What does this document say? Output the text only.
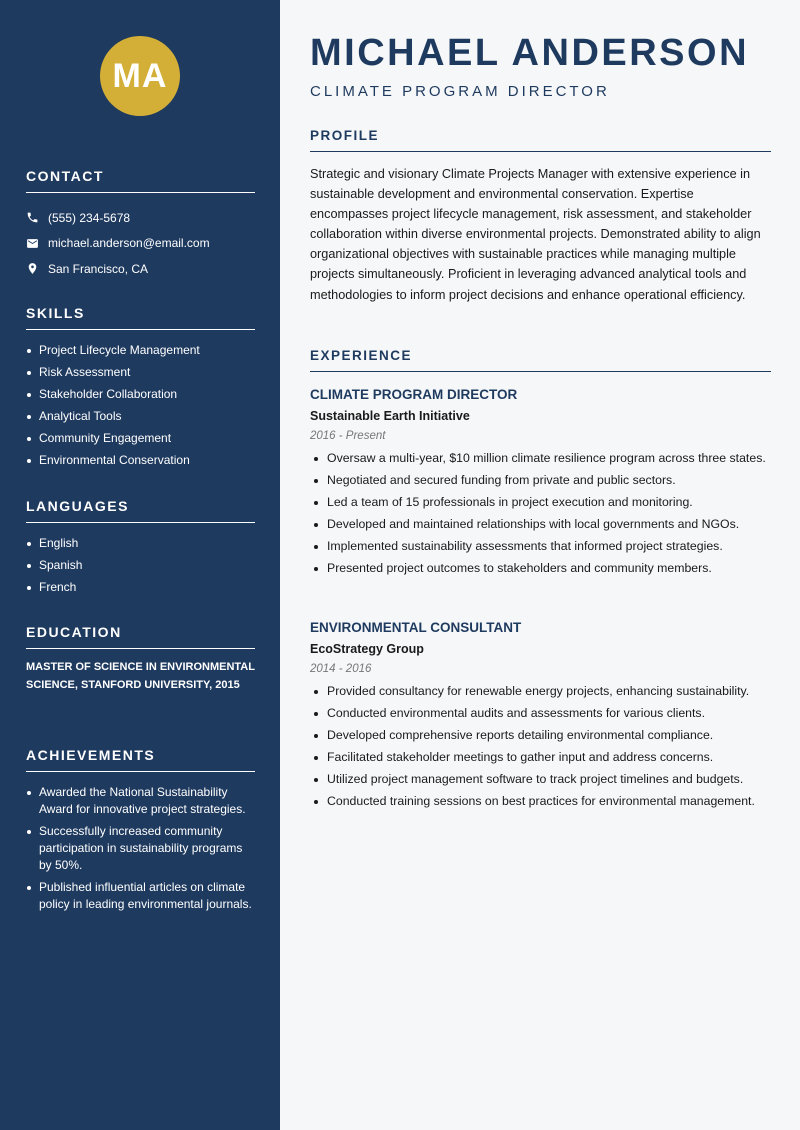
MA
CONTACT
(555) 234-5678
michael.anderson@email.com
San Francisco, CA
SKILLS
Project Lifecycle Management
Risk Assessment
Stakeholder Collaboration
Analytical Tools
Community Engagement
Environmental Conservation
LANGUAGES
English
Spanish
French
EDUCATION

MASTER OF SCIENCE IN ENVIRONMENTAL SCIENCE, STANFORD UNIVERSITY, 2015

ACHIEVEMENTS
Awarded the National Sustainability Award for innovative project strategies.
Successfully increased community participation in sustainability programs by 50%.
Published influential articles on climate policy in leading environmental journals.
MICHAEL ANDERSON
CLIMATE PROGRAM DIRECTOR
PROFILE

Strategic and visionary Climate Projects Manager with extensive experience in sustainable development and environmental conservation. Expertise encompasses project lifecycle management, risk assessment, and stakeholder collaboration within diverse environmental projects. Demonstrated ability to align organizational objectives with sustainable practices while managing multiple projects simultaneously. Proficient in leveraging advanced analytical tools and methodologies to inform project decisions and enhance operational efficiency.

EXPERIENCE
CLIMATE PROGRAM DIRECTOR
Sustainable Earth Initiative
2016 - Present
Oversaw a multi-year, $10 million climate resilience program across three states.
Negotiated and secured funding from private and public sectors.
Led a team of 15 professionals in project execution and monitoring.
Developed and maintained relationships with local governments and NGOs.
Implemented sustainability assessments that informed project strategies.
Presented project outcomes to stakeholders and community members.
ENVIRONMENTAL CONSULTANT
EcoStrategy Group
2014 - 2016
Provided consultancy for renewable energy projects, enhancing sustainability.
Conducted environmental audits and assessments for various clients.
Developed comprehensive reports detailing environmental compliance.
Facilitated stakeholder meetings to gather input and address concerns.
Utilized project management software to track project timelines and budgets.
Conducted training sessions on best practices for environmental management.
